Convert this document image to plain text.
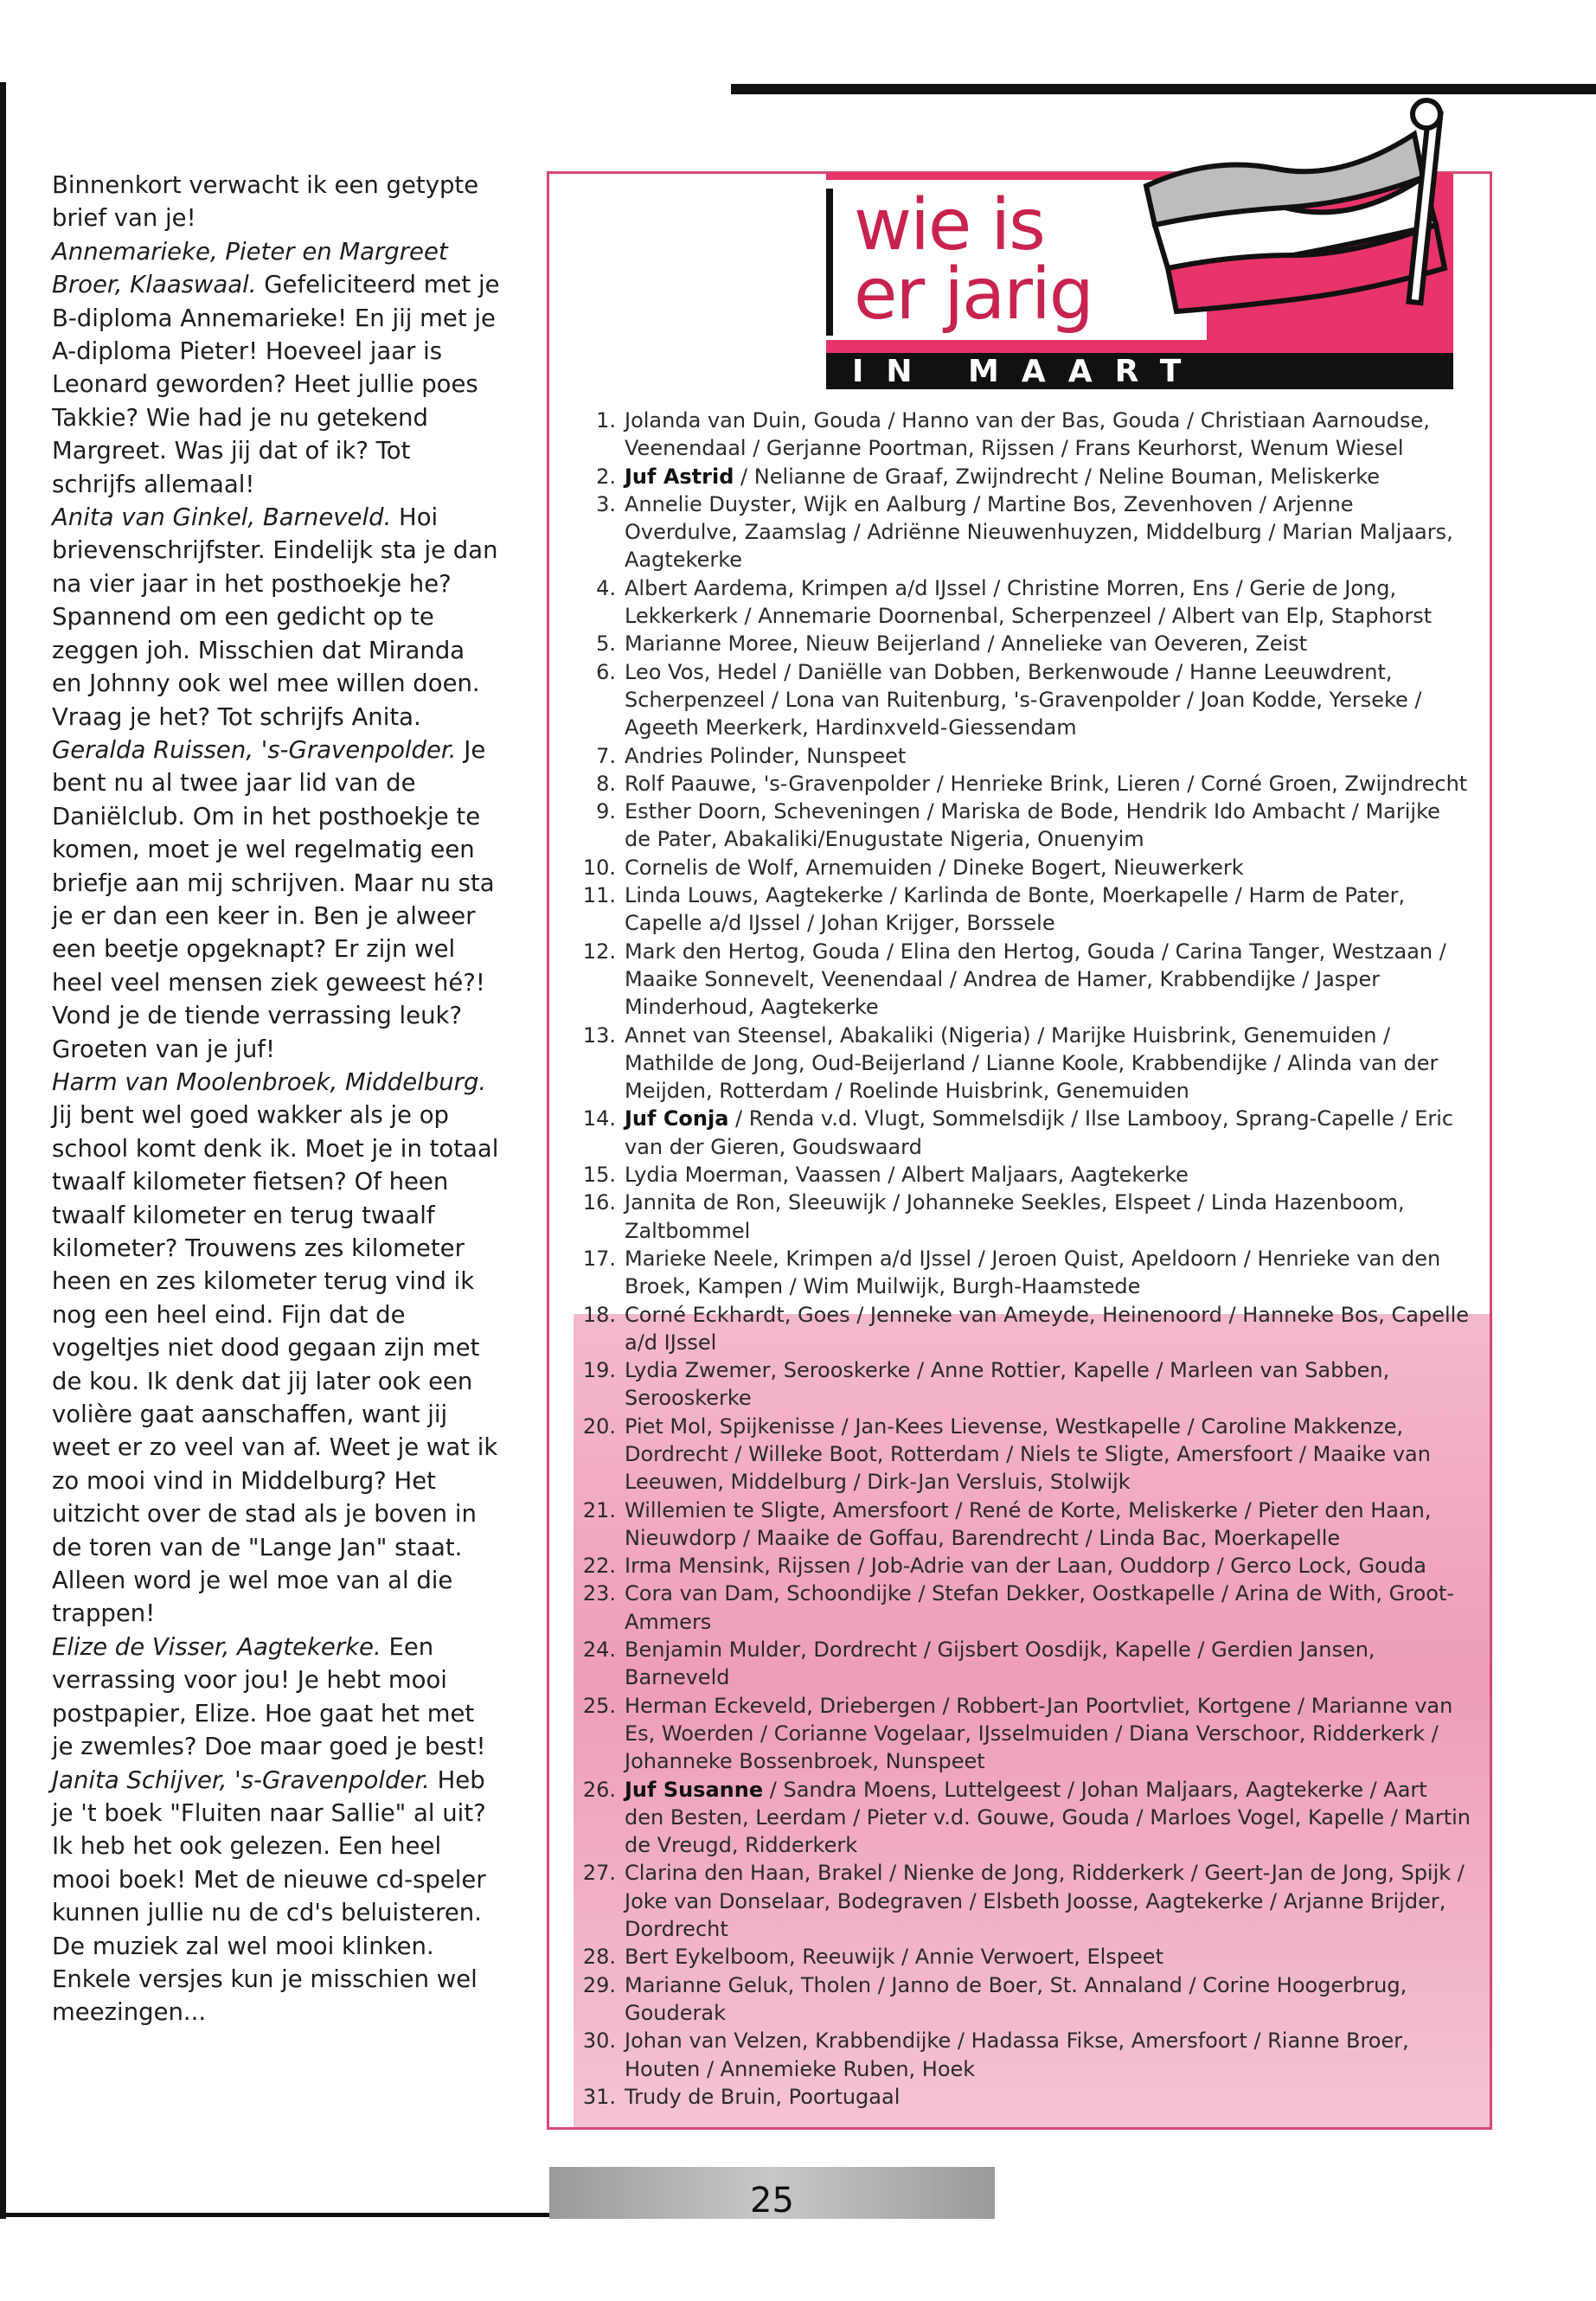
Binnenkort verwacht ik een getypte brief van je!

Annemarieke, Pieter en Margreet Broer, Klaaswaal. Gefeliciteerd met je B-diploma Annemarieke! En jij met je A-diploma Pieter! Hoeveel jaar is Leonard geworden? Heet jullie poes Takkie? Wie had je nu getekend Margreet. Was jij dat of ik? Tot schrijfs allemaal!

Anita van Ginkel, Barneveld. Hoi brievenschrijfster. Eindelijk sta je dan na vier jaar in het posthoekje he? Spannend om een gedicht op te zeggen joh. Misschien dat Miranda en Johnny ook wel mee willen doen. Vraag je het? Tot schrijfs Anita.

Geralda Ruissen, 's-Gravenpolder. Je bent nu al twee jaar lid van de Daniëlclub. Om in het posthoekje te komen, moet je wel regelmatig een briefje aan mij schrijven. Maar nu sta je er dan een keer in. Ben je alweer een beetje opgeknapt? Er zijn wel heel veel mensen ziek geweest hé?! Vond je de tiende verrassing leuk? Groeten van je juf!

Harm van Moolenbroek, Middelburg. Jij bent wel goed wakker als je op school komt denk ik. Moet je in totaal twaalf kilometer fietsen? Of heen twaalf kilometer en terug twaalf kilometer? Trouwens zes kilometer heen en zes kilometer terug vind ik nog een heel eind. Fijn dat de vogeltjes niet dood gegaan zijn met de kou. Ik denk dat jij later ook een volière gaat aanschaffen, want jij weet er zo veel van af. Weet je wat ik zo mooi vind in Middelburg? Het uitzicht over de stad als je boven in de toren van de "Lange Jan" staat. Alleen word je wel moe van al die trappen!

Elize de Visser, Aagtekerke. Een verrassing voor jou! Je hebt mooi postpapier, Elize. Hoe gaat het met je zwemles? Doe maar goed je best!

Janita Schijver, 's-Gravenpolder. Heb je 't boek "Fluiten naar Sallie" al uit? Ik heb het ook gelezen. Een heel mooi boek! Met de nieuwe cd-speler kunnen jullie nu de cd's beluisteren. De muziek zal wel mooi klinken. Enkele versjes kun je misschien wel meezingen...

wie is
er jarig
IN MAART
1. Jolanda van Duin, Gouda / Hanno van der Bas, Gouda / Christiaan Aarnoudse, Veenendaal / Gerjanne Poortman, Rijssen / Frans Keurhorst, Wenum Wiesel
2. Juf Astrid / Nelianne de Graaf, Zwijndrecht / Neline Bouman, Meliskerke
3. Annelie Duyster, Wijk en Aalburg / Martine Bos, Zevenhoven / Arjenne Overdulve, Zaamslag / Adriënne Nieuwenhuyzen, Middelburg / Marian Maljaars, Aagtekerke
4. Albert Aardema, Krimpen a/d IJssel / Christine Morren, Ens / Gerie de Jong, Lekkerkerk / Annemarie Doornenbal, Scherpenzeel / Albert van Elp, Staphorst
5. Marianne Moree, Nieuw Beijerland / Annelieke van Oeveren, Zeist
6. Leo Vos, Hedel / Daniëlle van Dobben, Berkenwoude / Hanne Leeuwdrent, Scherpenzeel / Lona van Ruitenburg, 's-Gravenpolder / Joan Kodde, Yerseke / Ageeth Meerkerk, Hardinxveld-Giessendam
7. Andries Polinder, Nunspeet
8. Rolf Paauwe, 's-Gravenpolder / Henrieke Brink, Lieren / Corné Groen, Zwijndrecht
9. Esther Doorn, Scheveningen / Mariska de Bode, Hendrik Ido Ambacht / Marijke de Pater, Abakaliki/Enugustate Nigeria, Onuenyim
10. Cornelis de Wolf, Arnemuiden / Dineke Bogert, Nieuwerkerk
11. Linda Louws, Aagtekerke / Karlinda de Bonte, Moerkapelle / Harm de Pater, Capelle a/d IJssel / Johan Krijger, Borssele
12. Mark den Hertog, Gouda / Elina den Hertog, Gouda / Carina Tanger, Westzaan / Maaike Sonnevelt, Veenendaal / Andrea de Hamer, Krabbendijke / Jasper Minderhoud, Aagtekerke
13. Annet van Steensel, Abakaliki (Nigeria) / Marijke Huisbrink, Genemuiden / Mathilde de Jong, Oud-Beijerland / Lianne Koole, Krabbendijke / Alinda van der Meijden, Rotterdam / Roelinde Huisbrink, Genemuiden
14. Juf Conja / Renda v.d. Vlugt, Sommelsdijk / Ilse Lambooy, Sprang-Capelle / Eric van der Gieren, Goudswaard
15. Lydia Moerman, Vaassen / Albert Maljaars, Aagtekerke
16. Jannita de Ron, Sleeuwijk / Johanneke Seekles, Elspeet / Linda Hazenboom, Zaltbommel
17. Marieke Neele, Krimpen a/d IJssel / Jeroen Quist, Apeldoorn / Henrieke van den Broek, Kampen / Wim Muilwijk, Burgh-Haamstede
18. Corné Eckhardt, Goes / Jenneke van Ameyde, Heinenoord / Hanneke Bos, Capelle a/d IJssel
19. Lydia Zwemer, Serooskerke / Anne Rottier, Kapelle / Marleen van Sabben, Serooskerke
20. Piet Mol, Spijkenisse / Jan-Kees Lievense, Westkapelle / Caroline Makkenze, Dordrecht / Willeke Boot, Rotterdam / Niels te Sligte, Amersfoort / Maaike van Leeuwen, Middelburg / Dirk-Jan Versluis, Stolwijk
21. Willemien te Sligte, Amersfoort / René de Korte, Meliskerke / Pieter den Haan, Nieuwdorp / Maaike de Goffau, Barendrecht / Linda Bac, Moerkapelle
22. Irma Mensink, Rijssen / Job-Adrie van der Laan, Ouddorp / Gerco Lock, Gouda
23. Cora van Dam, Schoondijke / Stefan Dekker, Oostkapelle / Arina de With, Groot-Ammers
24. Benjamin Mulder, Dordrecht / Gijsbert Oosdijk, Kapelle / Gerdien Jansen, Barneveld
25. Herman Eckeveld, Driebergen / Robbert-Jan Poortvliet, Kortgene / Marianne van Es, Woerden / Corianne Vogelaar, IJsselmuiden / Diana Verschoor, Ridderkerk / Johanneke Bossenbroek, Nunspeet
26. Juf Susanne / Sandra Moens, Luttelgeest / Johan Maljaars, Aagtekerke / Aart den Besten, Leerdam / Pieter v.d. Gouwe, Gouda / Marloes Vogel, Kapelle / Martin de Vreugd, Ridderkerk
27. Clarina den Haan, Brakel / Nienke de Jong, Ridderkerk / Geert-Jan de Jong, Spijk / Joke van Donselaar, Bodegraven / Elsbeth Joosse, Aagtekerke / Arjanne Brijder, Dordrecht
28. Bert Eykelboom, Reeuwijk / Annie Verwoert, Elspeet
29. Marianne Geluk, Tholen / Janno de Boer, St. Annaland / Corine Hoogerbrug, Gouderak
30. Johan van Velzen, Krabbendijke / Hadassa Fikse, Amersfoort / Rianne Broer, Houten / Annemieke Ruben, Hoek
31. Trudy de Bruin, Poortugaal
25
